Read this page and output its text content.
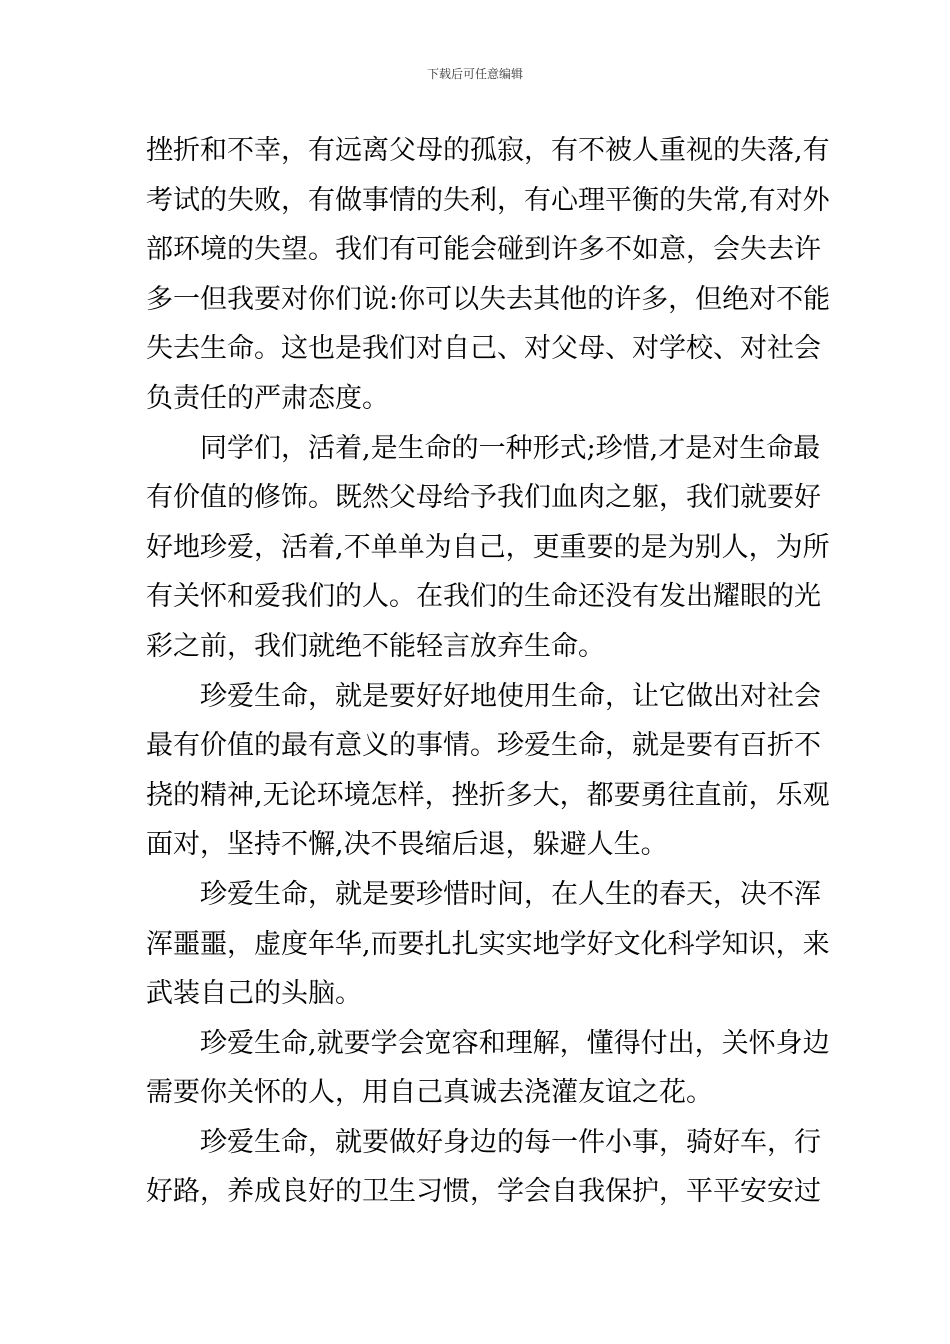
下载后可任意编辑
挫折和不幸，有远离父母的孤寂，有不被人重视的失落,有
考试的失败，有做事情的失利，有心理平衡的失常,有对外
部环境的失望。我们有可能会碰到许多不如意，会失去许
多一但我要对你们说:你可以失去其他的许多，但绝对不能
失去生命。这也是我们对自己、对父母、对学校、对社会
负责任的严肃态度。
同学们，活着,是生命的一种形式;珍惜,才是对生命最
有价值的修饰。既然父母给予我们血肉之躯，我们就要好
好地珍爱，活着,不单单为自己，更重要的是为别人，为所
有关怀和爱我们的人。在我们的生命还没有发出耀眼的光
彩之前，我们就绝不能轻言放弃生命。
珍爱生命，就是要好好地使用生命，让它做出对社会
最有价值的最有意义的事情。珍爱生命，就是要有百折不
挠的精神,无论环境怎样，挫折多大，都要勇往直前，乐观
面对，坚持不懈,决不畏缩后退，躲避人生。
珍爱生命，就是要珍惜时间，在人生的春天，决不浑
浑噩噩，虚度年华,而要扎扎实实地学好文化科学知识，来
武装自己的头脑。
珍爱生命,就要学会宽容和理解，懂得付出，关怀身边
需要你关怀的人，用自己真诚去浇灌友谊之花。
珍爱生命，就要做好身边的每一件小事，骑好车，行
好路，养成良好的卫生习惯，学会自我保护，平平安安过
